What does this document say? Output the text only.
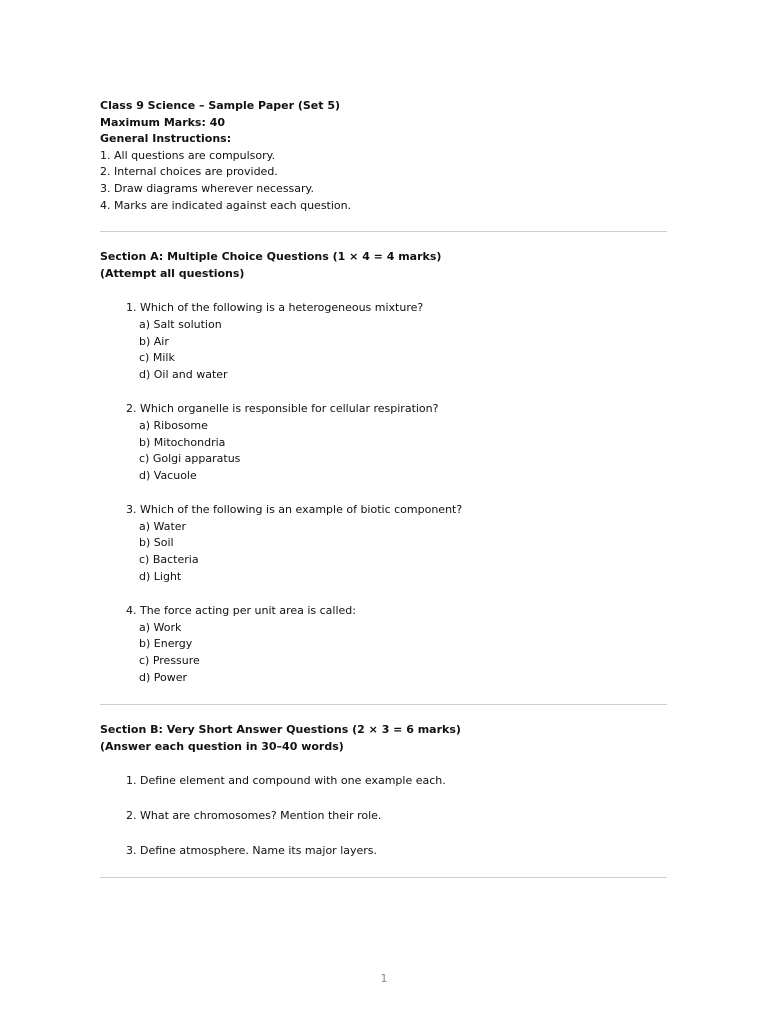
Class 9 Science – Sample Paper (Set 5)
Maximum Marks: 40
General Instructions:
1. All questions are compulsory.
2. Internal choices are provided.
3. Draw diagrams wherever necessary.
4. Marks are indicated against each question.
Section A: Multiple Choice Questions (1 × 4 = 4 marks)
(Attempt all questions)
1. Which of the following is a heterogeneous mixture?
a) Salt solution
b) Air
c) Milk
d) Oil and water
2. Which organelle is responsible for cellular respiration?
a) Ribosome
b) Mitochondria
c) Golgi apparatus
d) Vacuole
3. Which of the following is an example of biotic component?
a) Water
b) Soil
c) Bacteria
d) Light
4. The force acting per unit area is called:
a) Work
b) Energy
c) Pressure
d) Power
Section B: Very Short Answer Questions (2 × 3 = 6 marks)
(Answer each question in 30–40 words)
1. Define element and compound with one example each.
2. What are chromosomes? Mention their role.
3. Define atmosphere. Name its major layers.
1
